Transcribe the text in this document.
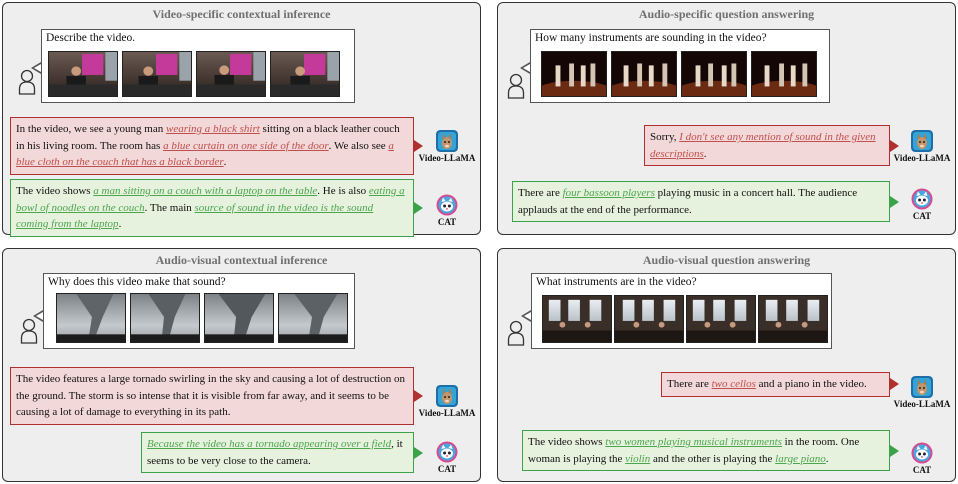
Video-specific contextual inference
Describe the video.
In the video, we see a young man wearing a black shirt sitting on a black leather couch in his living room. The room has a blue curtain on one side of the door. We also see a blue cloth on the couch that has a black border.	Video-LLaMA
The video shows a man sitting on a couch with a laptop on the table. He is also eating a bowl of noodles on the couch. The main source of sound in the video is the sound coming from the laptop.	CAT
Audio-specific question answering
How many instruments are sounding in the video?
Sorry, I don't see any mention of sound in the given descriptions.	Video-LLaMA
There are four bassoon players playing music in a concert hall. The audience applauds at the end of the performance.
CAT
Audio-visual contextual inference
Why does this video make that sound?
The video features a large tornado swirling in the sky and causing a lot of destruction on the ground. The storm is so intense that it is visible from far away, and it seems to be causing a lot of damage to everything in its path.	Video-LLaMA
Because the video has a tornado appearing over a field, it seems to be very close to the camera.
CAT
Audio-visual question answering
What instruments are in the video?
There are two cellos and a piano in the video.
Video-LLaMA
The video shows two women playing musical instruments in the room. One woman is playing the violin and the other is playing the large piano.
CAT
